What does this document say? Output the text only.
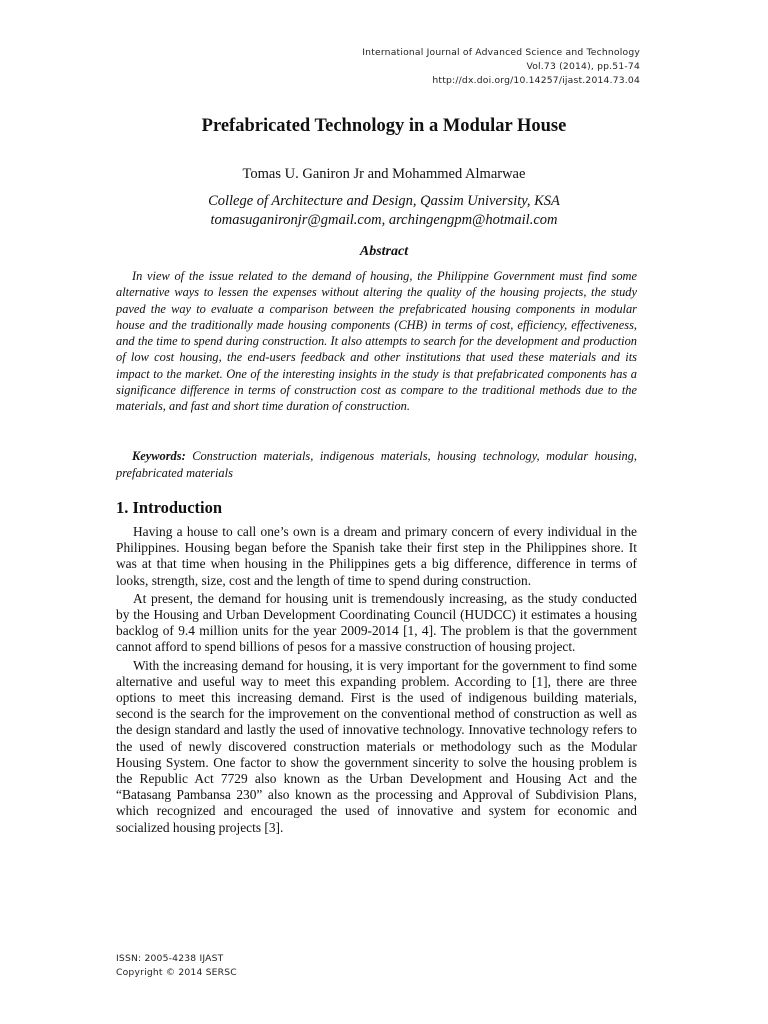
International Journal of Advanced Science and Technology
Vol.73 (2014), pp.51-74
http://dx.doi.org/10.14257/ijast.2014.73.04
Prefabricated Technology in a Modular House
Tomas U. Ganiron Jr and Mohammed Almarwae
College of Architecture and Design, Qassim University, KSA
tomasuganironjr@gmail.com, archingengpm@hotmail.com
Abstract

In view of the issue related to the demand of housing, the Philippine Government must find some alternative ways to lessen the expenses without altering the quality of the housing projects, the study paved the way to evaluate a comparison between the prefabricated housing components in modular house and the traditionally made housing components (CHB) in terms of cost, efficiency, effectiveness, and the time to spend during construction. It also attempts to search for the development and production of low cost housing, the end-users feedback and other institutions that used these materials and its impact to the market. One of the interesting insights in the study is that prefabricated components has a significance difference in terms of construction cost as compare to the traditional methods due to the materials, and fast and short time duration of construction.

Keywords: Construction materials, indigenous materials, housing technology, modular housing, prefabricated materials

1. Introduction

Having a house to call one’s own is a dream and primary concern of every individual in the Philippines. Housing began before the Spanish take their first step in the Philippines shore. It was at that time when housing in the Philippines gets a big difference, difference in terms of looks, strength, size, cost and the length of time to spend during construction.

At present, the demand for housing unit is tremendously increasing, as the study conducted by the Housing and Urban Development Coordinating Council (HUDCC) it estimates a housing backlog of 9.4 million units for the year 2009-2014 [1, 4]. The problem is that the government cannot afford to spend billions of pesos for a massive construction of housing project.

With the increasing demand for housing, it is very important for the government to find some alternative and useful way to meet this expanding problem. According to [1], there are three options to meet this increasing demand. First is the used of indigenous building materials, second is the search for the improvement on the conventional method of construction as well as the design standard and lastly the used of innovative technology. Innovative technology refers to the used of newly discovered construction materials or methodology such as the Modular Housing System. One factor to show the government sincerity to solve the housing problem is the Republic Act 7729 also known as the Urban Development and Housing Act and the “Batasang Pambansa 230” also known as the processing and Approval of Subdivision Plans, which recognized and encouraged the used of innovative and system for economic and socialized housing projects [3].

ISSN: 2005-4238 IJAST
Copyright © 2014 SERSC
